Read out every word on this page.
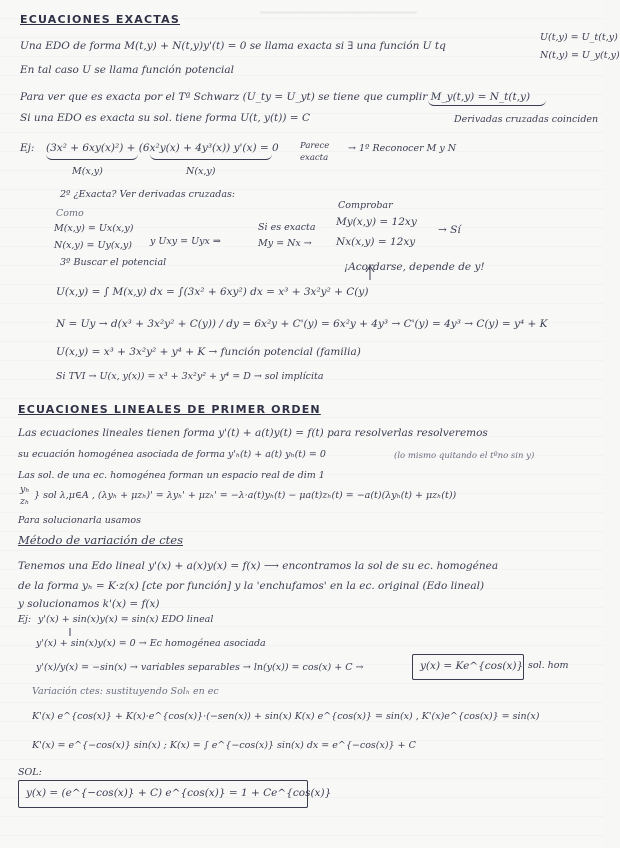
━━━━━━━━━━━━━━━━━━━━
ECUACIONES EXACTAS
Una EDO de forma M(t,y) + N(t,y)y'(t) = 0 se llama exacta si ∃ una función U tq
U(t,y) = U_t(t,y)
N(t,y) = U_y(t,y)
En tal caso U se llama función potencial
Para ver que es exacta por el Tª Schwarz (U_ty = U_yt) se tiene que cumplir M_y(t,y) = N_t(t,y)
Si una EDO es exacta su sol. tiene forma U(t, y(t)) = C	Derivadas cruzadas coinciden
Ej: (3x² + 6xy(x)²) + (6x²y(x) + 4y³(x)) y'(x) = 0
M(x,y)	N(x,y)
Parece exacta
→ 1º Reconocer M y N
2º ¿Exacta? Ver derivadas cruzadas:
Como
M(x,y) = Ux(x,y)
N(x,y) = Uy(x,y) y Uxy = Uyx ⇒
Si es exacta
My = Nx →
Comprobar
My(x,y) = 12xy
Nx(x,y) = 12xy
→ Sí
3º Buscar el potencial	¡Acordarse, depende de y!
U(x,y) = ∫ M(x,y) dx = ∫(3x² + 6xy²) dx = x³ + 3x²y² + C(y)
N = Uy → d(x³ + 3x²y² + C(y)) / dy = 6x²y + C'(y) = 6x²y + 4y³ → C'(y) = 4y³ → C(y) = y⁴ + K
U(x,y) = x³ + 3x²y² + y⁴ + K → función potencial (familia)
Si TVI → U(x, y(x)) = x³ + 3x²y² + y⁴ = D → sol implícita
ECUACIONES LINEALES DE PRIMER ORDEN
Las ecuaciones lineales tienen forma y'(t) + a(t)y(t) = f(t) para resolverlas resolveremos
su ecuación homogénea asociada de forma y'ₕ(t) + a(t) yₕ(t) = 0	(lo mismo quitando el tºno sin y)
Las sol. de una ec. homogénea forman un espacio real de dim 1
yₕ
zₕ
} sol λ,μ∈A , (λyₕ + μzₕ)' = λyₕ' + μzₕ' = −λ·a(t)yₕ(t) − μa(t)zₕ(t) = −a(t)(λyₕ(t) + μzₕ(t))
Para solucionarla usamos
Método de variación de ctes
Tenemos una Edo lineal y'(x) + a(x)y(x) = f(x) ⟶ encontramos la sol de su ec. homogénea
de la forma yₕ = K·z(x) [cte por función] y la 'enchufamos' en la ec. original (Edo lineal)
y solucionamos k'(x) = f(x)
Ej: y'(x) + sin(x)y(x) = sin(x) EDO lineal
y'(x) + sin(x)y(x) = 0 → Ec homogénea asociada
y'(x)/y(x) = −sin(x) → variables separables → ln(y(x)) = cos(x) + C →	y(x) = Ke^{cos(x)} sol. hom
Variación ctes: sustituyendo Solₕ en ec
K'(x) e^{cos(x)} + K(x)·e^{cos(x)}·(−sen(x)) + sin(x) K(x) e^{cos(x)} = sin(x) , K'(x)e^{cos(x)} = sin(x)
K'(x) = e^{−cos(x)} sin(x) ; K(x) = ∫ e^{−cos(x)} sin(x) dx = e^{−cos(x)} + C
SOL:
y(x) = (e^{−cos(x)} + C) e^{cos(x)} = 1 + Ce^{cos(x)}
